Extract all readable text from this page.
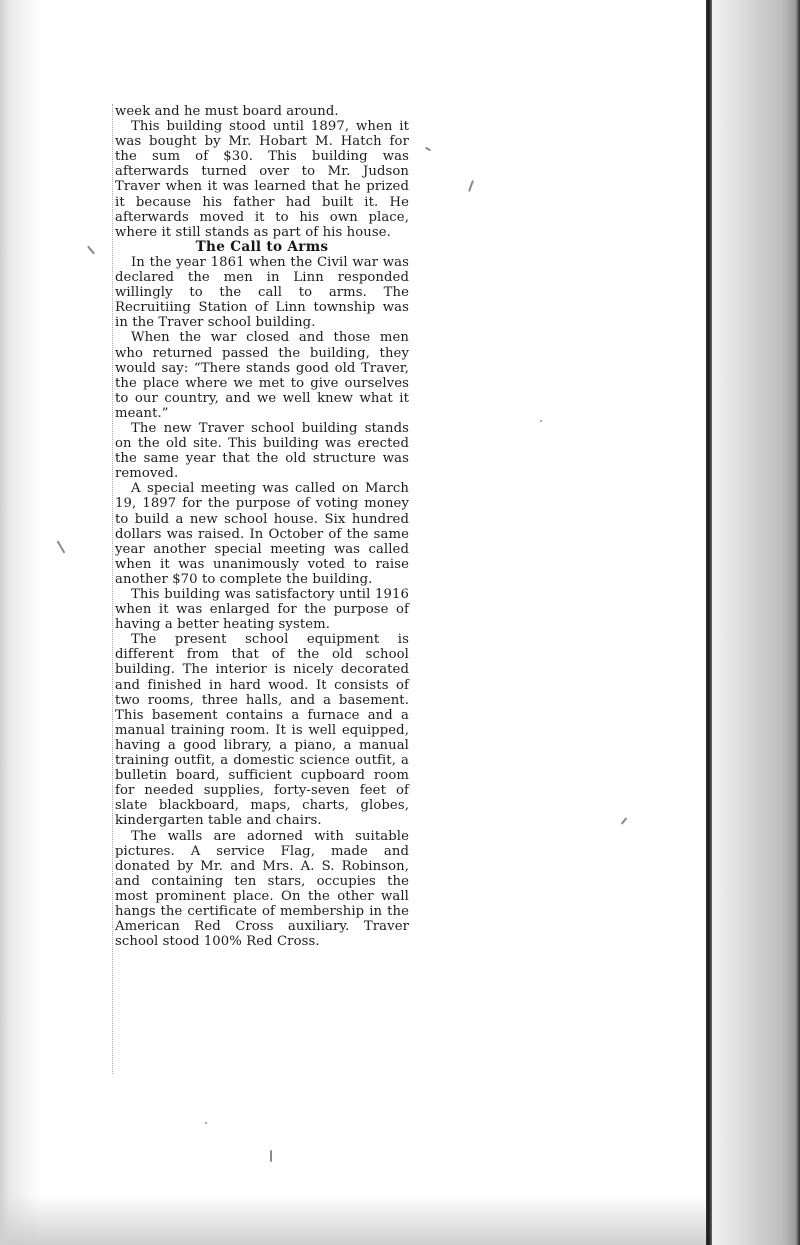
week and he must board around.

This building stood until 1897, when it was bought by Mr. Hobart M. Hatch for the sum of $30. This building was afterwards turned over to Mr. Judson Traver when it was learned that he prized it because his father had built it. He afterwards moved it to his own place, where it still stands as part of his house.

The Call to Arms

In the year 1861 when the Civil war was declared the men in Linn responded willingly to the call to arms. The Recruitiing Station of Linn township was in the Traver school building.

When the war closed and those men who returned passed the building, they would say: “There stands good old Traver, the place where we met to give ourselves to our country, and we well knew what it meant.”

The new Traver school building stands on the old site. This building was erected the same year that the old structure was removed.

A special meeting was called on March 19, 1897 for the purpose of voting money to build a new school house. Six hundred dollars was raised. In October of the same year another special meeting was called when it was unanimously voted to raise another $70 to complete the building.

This building was satisfactory until 1916 when it was enlarged for the purpose of having a better heating system.

The present school equipment is different from that of the old school building. The interior is nicely decorated and finished in hard wood. It consists of two rooms, three halls, and a basement. This basement contains a furnace and a manual training room. It is well equipped, having a good library, a piano, a manual training outfit, a domestic science outfit, a bulletin board, sufficient cupboard room for needed supplies, forty-seven feet of slate blackboard, maps, charts, globes, kindergarten table and chairs.

The walls are adorned with suitable pictures. A service Flag, made and donated by Mr. and Mrs. A. S. Robinson, and containing ten stars, occupies the most prominent place. On the other wall hangs the certificate of membership in the American Red Cross auxiliary. Traver school stood 100% Red Cross.
